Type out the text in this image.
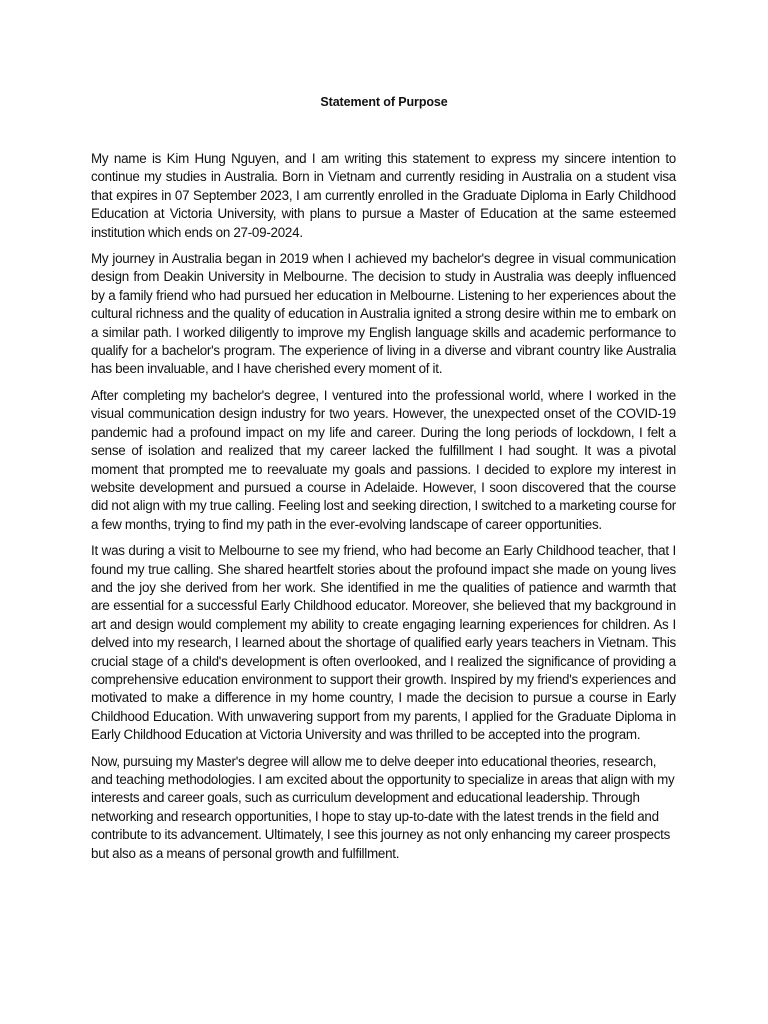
Statement of Purpose

My name is Kim Hung Nguyen, and I am writing this statement to express my sincere intention to continue my studies in Australia. Born in Vietnam and currently residing in Australia on a student visa that expires in 07 September 2023, I am currently enrolled in the Graduate Diploma in Early Childhood Education at Victoria University, with plans to pursue a Master of Education at the same esteemed institution which ends on 27-09-2024.

My journey in Australia began in 2019 when I achieved my bachelor's degree in visual communication design from Deakin University in Melbourne. The decision to study in Australia was deeply influenced by a family friend who had pursued her education in Melbourne. Listening to her experiences about the cultural richness and the quality of education in Australia ignited a strong desire within me to embark on a similar path. I worked diligently to improve my English language skills and academic performance to qualify for a bachelor's program. The experience of living in a diverse and vibrant country like Australia has been invaluable, and I have cherished every moment of it.

After completing my bachelor's degree, I ventured into the professional world, where I worked in the visual communication design industry for two years. However, the unexpected onset of the COVID-19 pandemic had a profound impact on my life and career. During the long periods of lockdown, I felt a sense of isolation and realized that my career lacked the fulfillment I had sought. It was a pivotal moment that prompted me to reevaluate my goals and passions. I decided to explore my interest in website development and pursued a course in Adelaide. However, I soon discovered that the course did not align with my true calling. Feeling lost and seeking direction, I switched to a marketing course for a few months, trying to find my path in the ever-evolving landscape of career opportunities.

It was during a visit to Melbourne to see my friend, who had become an Early Childhood teacher, that I found my true calling. She shared heartfelt stories about the profound impact she made on young lives and the joy she derived from her work. She identified in me the qualities of patience and warmth that are essential for a successful Early Childhood educator. Moreover, she believed that my background in art and design would complement my ability to create engaging learning experiences for children. As I delved into my research, I learned about the shortage of qualified early years teachers in Vietnam. This crucial stage of a child's development is often overlooked, and I realized the significance of providing a comprehensive education environment to support their growth. Inspired by my friend's experiences and motivated to make a difference in my home country, I made the decision to pursue a course in Early Childhood Education. With unwavering support from my parents, I applied for the Graduate Diploma in Early Childhood Education at Victoria University and was thrilled to be accepted into the program.

Now, pursuing my Master's degree will allow me to delve deeper into educational theories, research, and teaching methodologies. I am excited about the opportunity to specialize in areas that align with my interests and career goals, such as curriculum development and educational leadership. Through networking and research opportunities, I hope to stay up-to-date with the latest trends in the field and contribute to its advancement. Ultimately, I see this journey as not only enhancing my career prospects but also as a means of personal growth and fulfillment.
